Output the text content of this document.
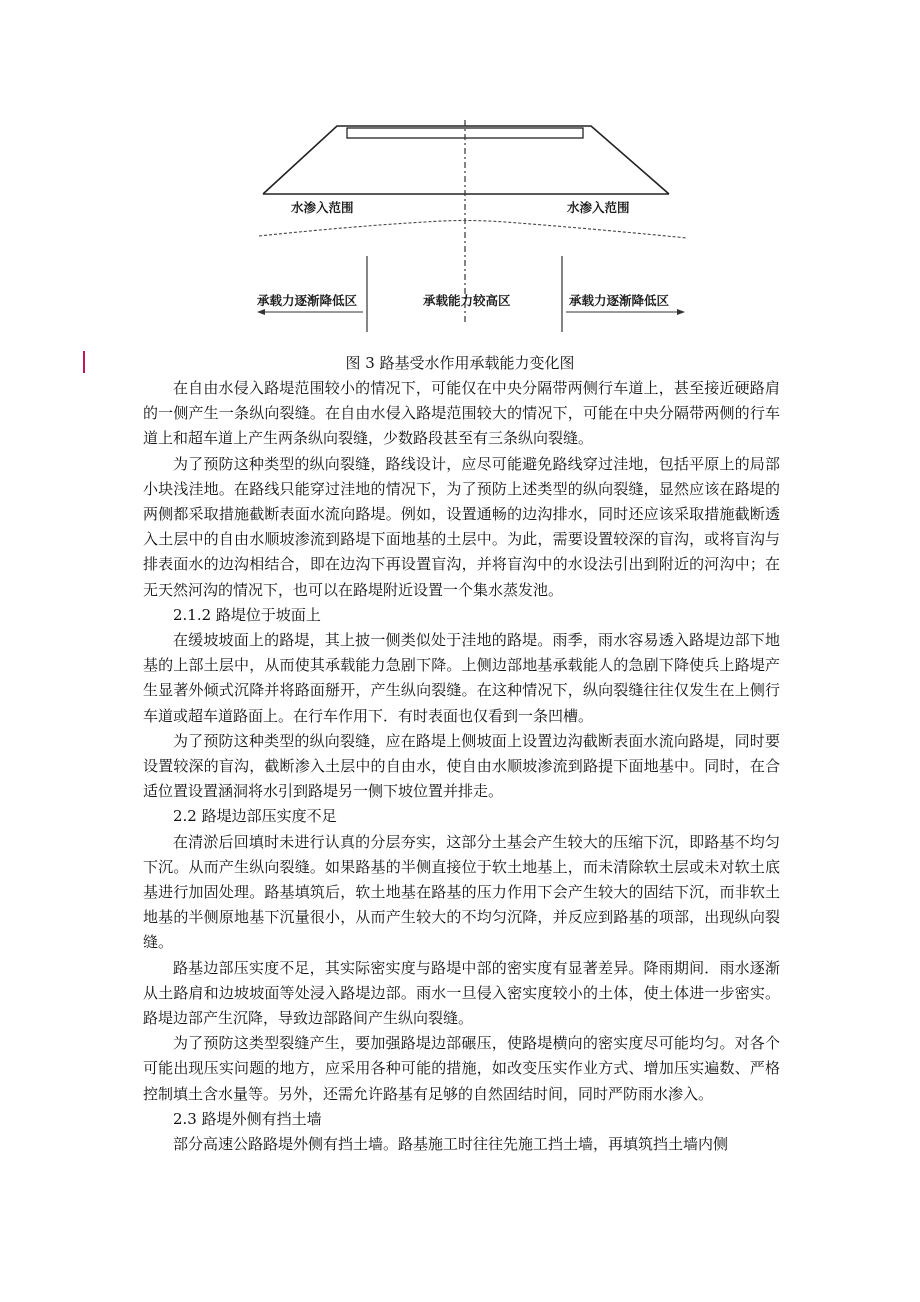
水渗入范围	水渗入范围
承载力逐渐降低区	承载能力较高区	承载力逐渐降低区
图 3 路基受水作用承载能力变化图

在自由水侵入路堤范围较小的情况下，可能仅在中央分隔带两侧行车道上，甚至接近硬路肩的一侧产生一条纵向裂缝。在自由水侵入路堤范围较大的情况下，可能在中央分隔带两侧的行车道上和超车道上产生两条纵向裂缝，少数路段甚至有三条纵向裂缝。

为了预防这种类型的纵向裂缝，路线设计，应尽可能避免路线穿过洼地，包括平原上的局部小块浅洼地。在路线只能穿过洼地的情况下，为了预防上述类型的纵向裂缝，显然应该在路堤的两侧都采取措施截断表面水流向路堤。例如，设置通畅的边沟排水，同时还应该采取措施截断透入土层中的自由水顺坡渗流到路堤下面地基的土层中。为此，需要设置较深的盲沟，或将盲沟与排表面水的边沟相结合，即在边沟下再设置盲沟，并将盲沟中的水设法引出到附近的河沟中；在无天然河沟的情况下，也可以在路堤附近设置一个集水蒸发池。

2.1.2 路堤位于坡面上

在缓坡坡面上的路堤，其上披一侧类似处于洼地的路堤。雨季，雨水容易透入路堤边部下地基的上部土层中，从而使其承载能力急剧下降。上侧边部地基承载能人的急剧下降使兵上路堤产生显著外倾式沉降并将路面掰开，产生纵向裂缝。在这种情况下，纵向裂缝往往仅发生在上侧行车道或超车道路面上。在行车作用下．有时表面也仅看到一条凹槽。

为了预防这种类型的纵向裂缝，应在路堤上侧坡面上设置边沟截断表面水流向路堤，同时要设置较深的盲沟，截断渗入土层中的自由水，使自由水顺坡渗流到路提下面地基中。同时，在合适位置设置涵洞将水引到路堤另一侧下坡位置并排走。

2.2 路堤边部压实度不足

在清淤后回填时未进行认真的分层夯实，这部分土基会产生较大的压缩下沉，即路基不均匀下沉。从而产生纵向裂缝。如果路基的半侧直接位于软土地基上，而未清除软土层或未对软土底基进行加固处理。路基填筑后，软土地基在路基的压力作用下会产生较大的固结下沉，而非软土地基的半侧原地基下沉量很小，从而产生较大的不均匀沉降，并反应到路基的项部，出现纵向裂缝。

路基边部压实度不足，其实际密实度与路堤中部的密实度有显著差异。降雨期间．雨水逐渐从土路肩和边坡坡面等处浸入路堤边部。雨水一旦侵入密实度较小的土体，使土体进一步密实。路堤边部产生沉降，导致边部路间产生纵向裂缝。

为了预防这类型裂缝产生，要加强路堤边部碾压，使路堤横向的密实度尽可能均匀。对各个可能出现压实问题的地方，应采用各种可能的措施，如改变压实作业方式、增加压实遍数、严格控制填土含水量等。另外，还需允许路基有足够的自然固结时间，同时严防雨水渗入。

2.3 路堤外侧有挡土墙

部分高速公路路堤外侧有挡土墙。路基施工时往往先施工挡土墙，再填筑挡土墙内侧
